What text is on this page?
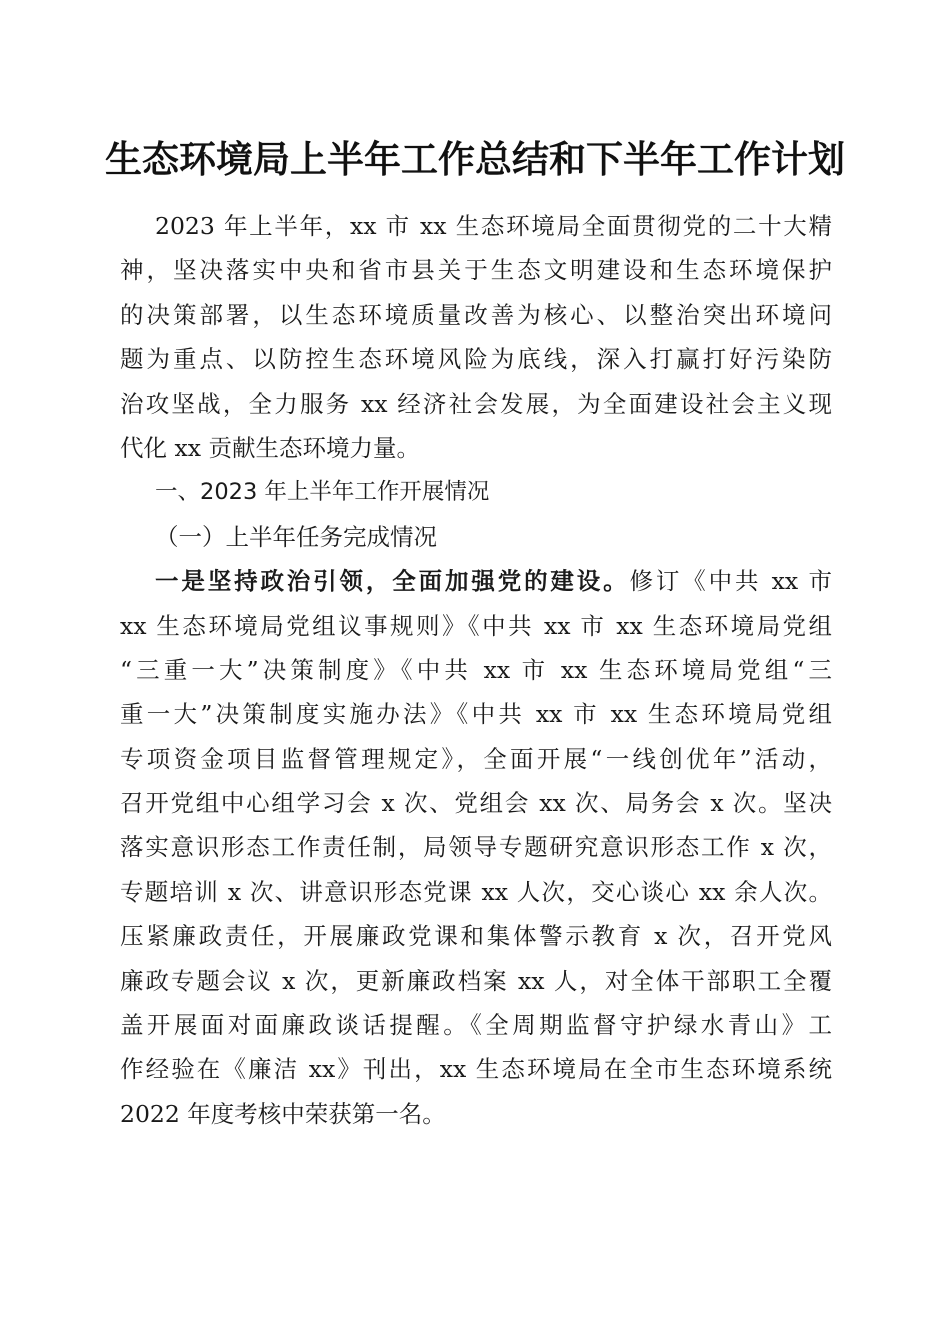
生态环境局上半年工作总结和下半年工作计划
2023 年上半年，xx 市 xx 生态环境局全面贯彻党的二十大精
神，坚决落实中央和省市县关于生态文明建设和生态环境保护
的决策部署，以生态环境质量改善为核心、以整治突出环境问
题为重点、以防控生态环境风险为底线，深入打赢打好污染防
治攻坚战，全力服务 xx 经济社会发展，为全面建设社会主义现
代化 xx 贡献生态环境力量。
一、2023 年上半年工作开展情况
（一）上半年任务完成情况
一是坚持政治引领，全面加强党的建设。修订《中共 xx 市
xx 生态环境局党组议事规则》《中共 xx 市 xx 生态环境局党组
“三重一大”决策制度》《中共 xx 市 xx 生态环境局党组“三
重一大”决策制度实施办法》《中共 xx 市 xx 生态环境局党组
专项资金项目监督管理规定》，全面开展“一线创优年”活动，
召开党组中心组学习会 x 次、党组会 xx 次、局务会 x 次。坚决
落实意识形态工作责任制，局领导专题研究意识形态工作 x 次，
专题培训 x 次、讲意识形态党课 xx 人次，交心谈心 xx 余人次。
压紧廉政责任，开展廉政党课和集体警示教育 x 次，召开党风
廉政专题会议 x 次，更新廉政档案 xx 人，对全体干部职工全覆
盖开展面对面廉政谈话提醒。《全周期监督守护绿水青山》工
作经验在《廉洁 xx》刊出，xx 生态环境局在全市生态环境系统
2022 年度考核中荣获第一名。
